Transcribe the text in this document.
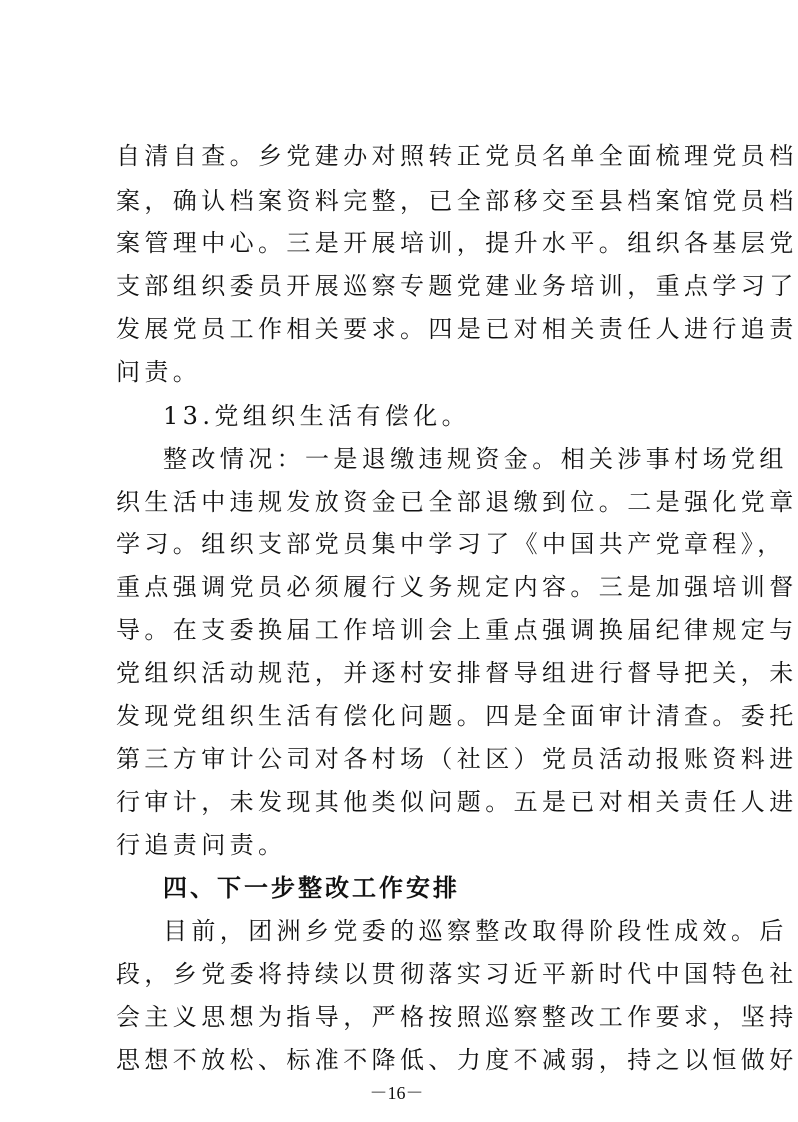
自清自查。乡党建办对照转正党员名单全面梳理党员档
案，确认档案资料完整，已全部移交至县档案馆党员档
案管理中心。三是开展培训，提升水平。组织各基层党
支部组织委员开展巡察专题党建业务培训，重点学习了
发展党员工作相关要求。四是已对相关责任人进行追责
问责。
13.党组织生活有偿化。
整改情况：一是退缴违规资金。相关涉事村场党组
织生活中违规发放资金已全部退缴到位。二是强化党章
学习。组织支部党员集中学习了《中国共产党章程》，
重点强调党员必须履行义务规定内容。三是加强培训督
导。在支委换届工作培训会上重点强调换届纪律规定与
党组织活动规范，并逐村安排督导组进行督导把关，未
发现党组织生活有偿化问题。四是全面审计清查。委托
第三方审计公司对各村场（社区）党员活动报账资料进
行审计，未发现其他类似问题。五是已对相关责任人进
行追责问责。
四、下一步整改工作安排
目前，团洲乡党委的巡察整改取得阶段性成效。后
段，乡党委将持续以贯彻落实习近平新时代中国特色社
会主义思想为指导，严格按照巡察整改工作要求，坚持
思想不放松、标准不降低、力度不减弱，持之以恒做好
－16－
